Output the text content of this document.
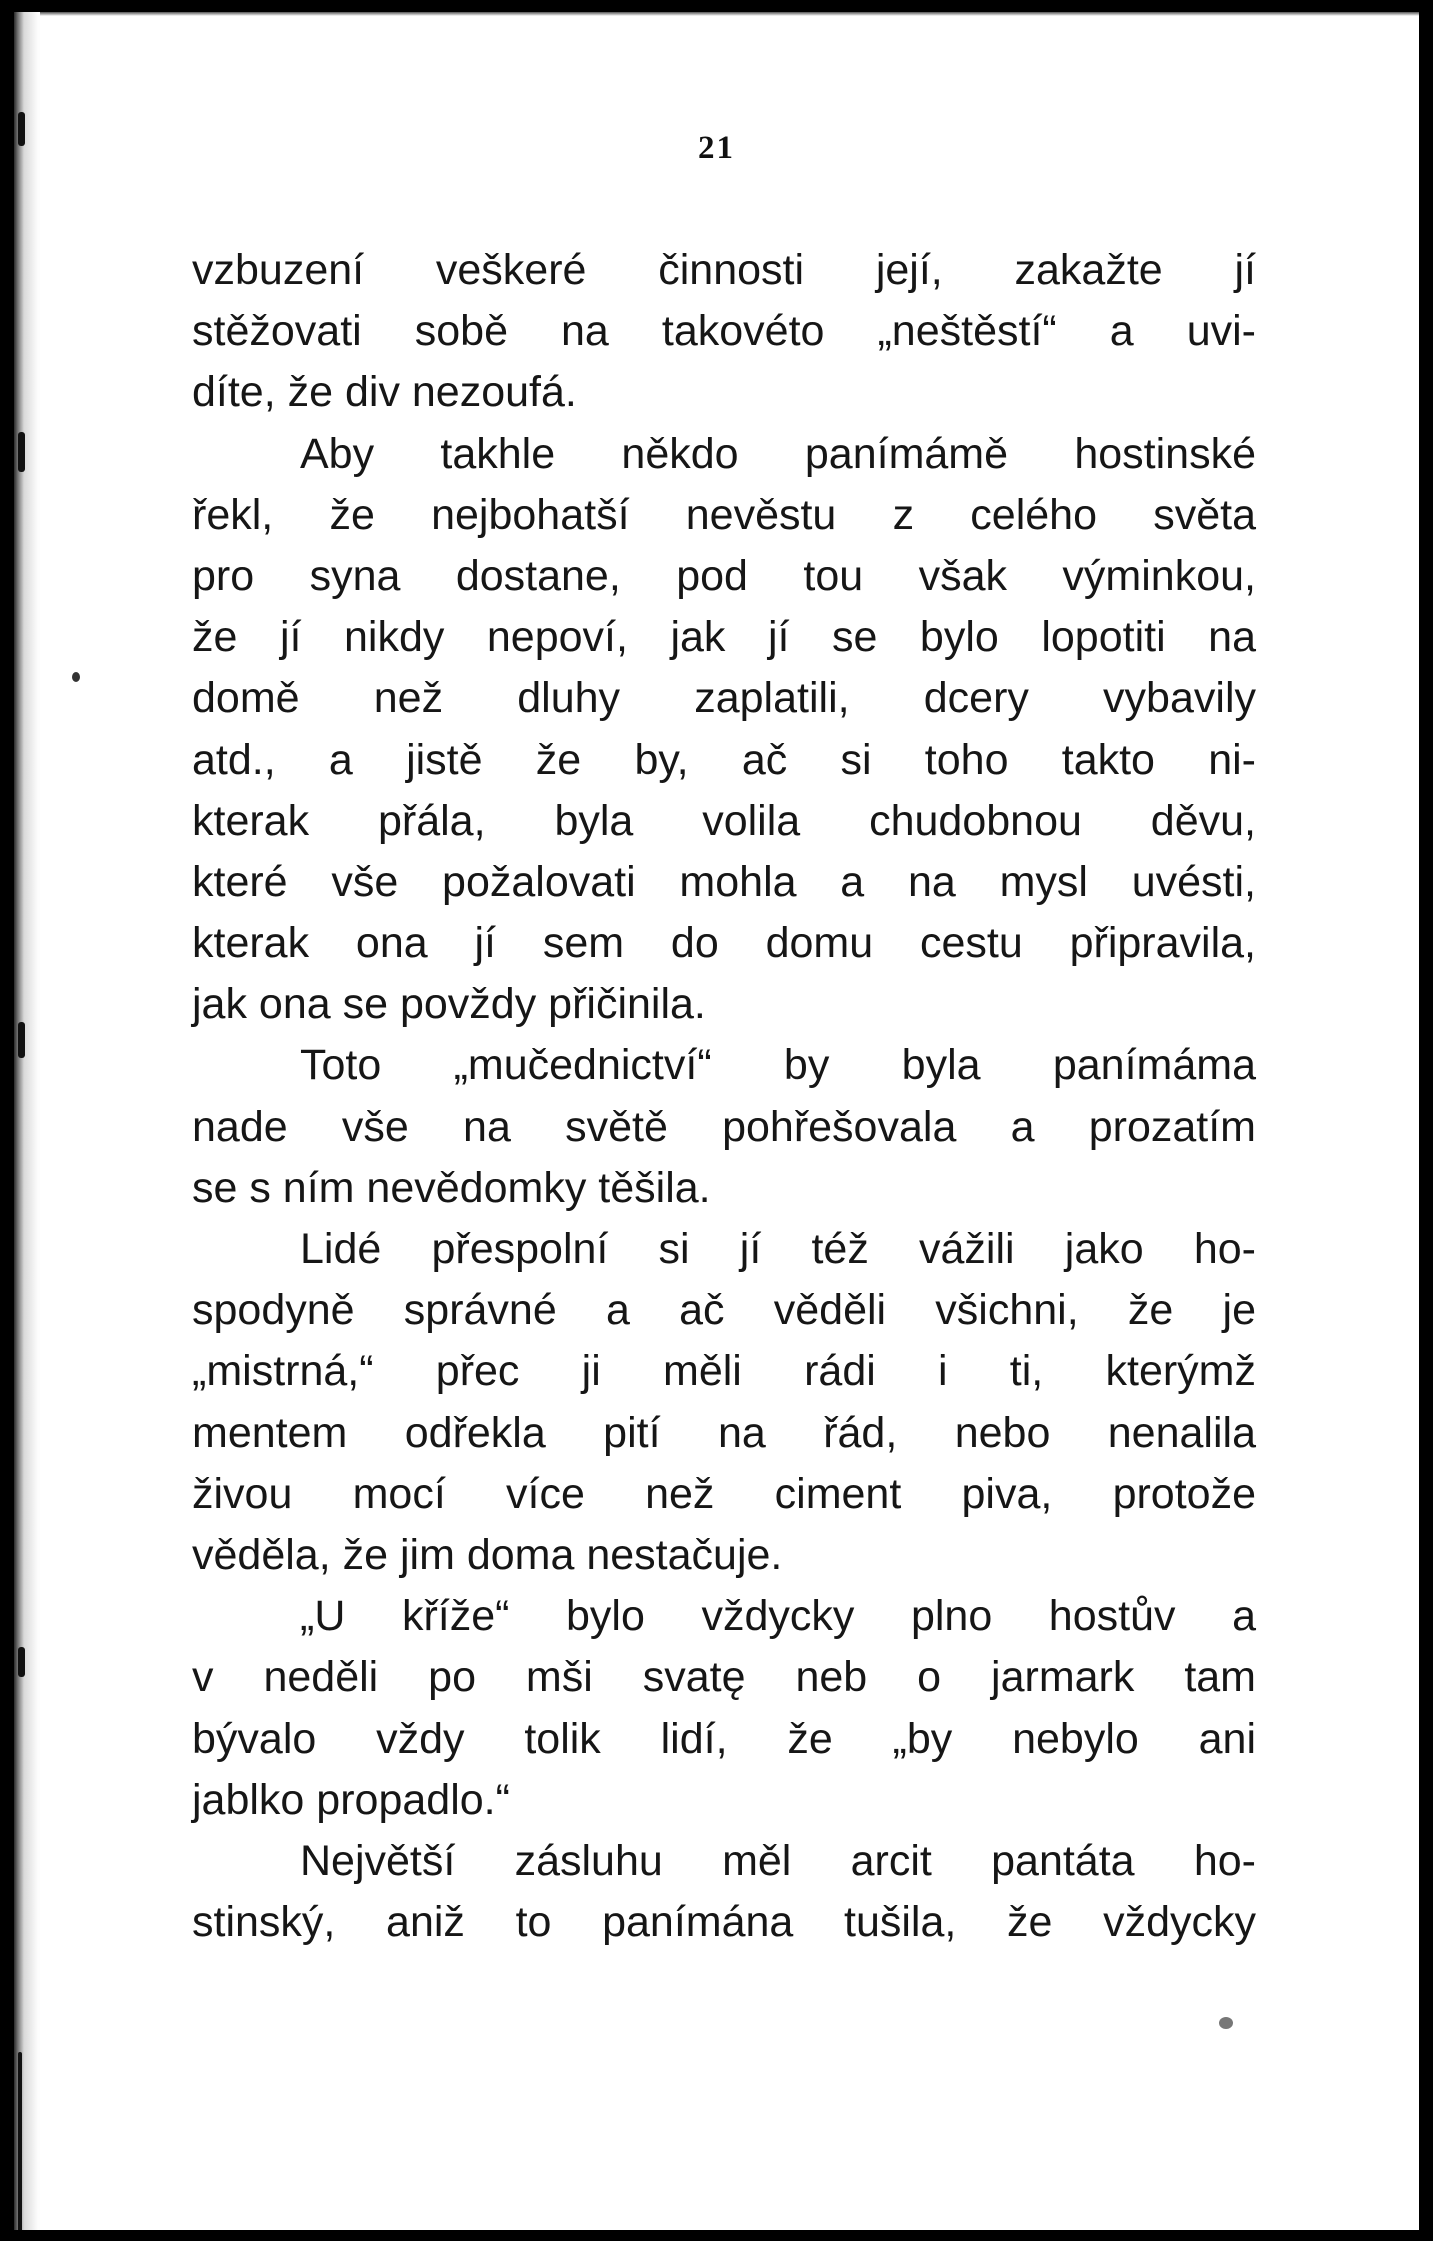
21
vzbuzení veškeré činnosti její, zakažte jí
stěžovati sobě na takovéto „neštěstí“ a uvi-
díte, že div nezoufá.
Aby takhle někdo panímámě hostinské
řekl, že nejbohatší nevěstu z celého světa
pro syna dostane, pod tou však výminkou,
že jí nikdy nepoví, jak jí se bylo lopotiti na
domě než dluhy zaplatili, dcery vybavily
atd., a jistě že by, ač si toho takto ni-
kterak přála, byla volila chudobnou děvu,
které vše požalovati mohla a na mysl uvésti,
kterak ona jí sem do domu cestu připravila,
jak ona se povždy přičinila.
Toto „mučednictví“ by byla panímáma
nade vše na světě pohřešovala a prozatím
se s ním nevědomky těšila.
Lidé přespolní si jí též vážili jako ho-
spodyně správné a ač věděli všichni, že je
„mistrná,“ přec ji měli rádi i ti, kterýmž
mentem odřekla pití na řád, nebo nenalila
živou mocí více než ciment piva, protože
věděla, že jim doma nestačuje.
„U kříže“ bylo vždycky plno hostův a
v neděli po mši svatę neb o jarmark tam
bývalo vždy tolik lidí, že „by nebylo ani
jablko propadlo.“
Největší zásluhu měl arcit pantáta ho-
stinský, aniž to panímána tušila, že vždycky
